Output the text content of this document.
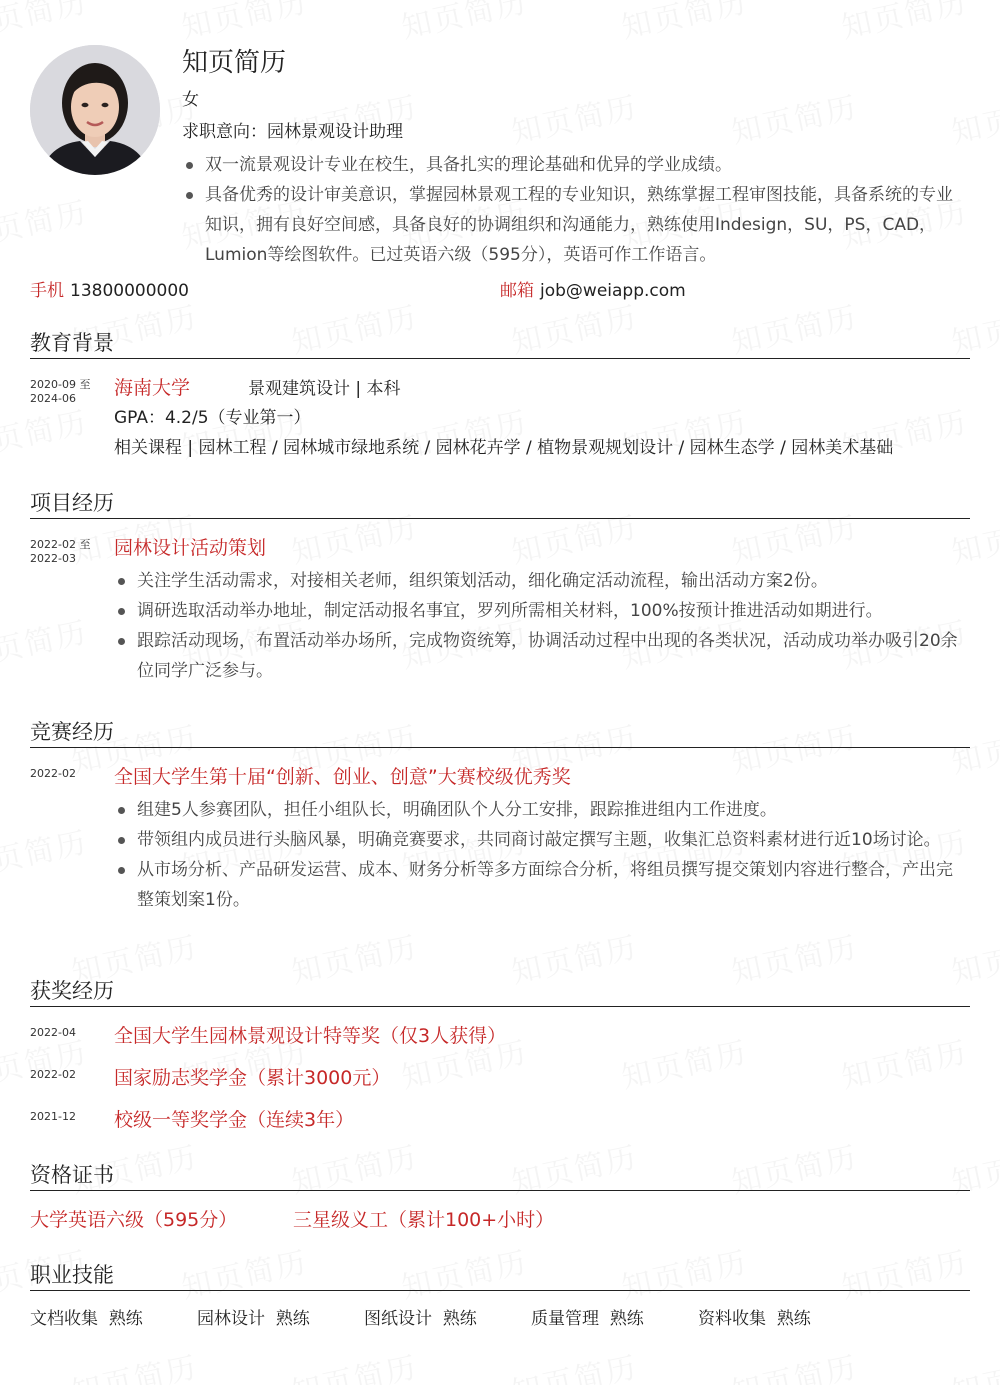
知页简历
女
求职意向：园林景观设计助理
双一流景观设计专业在校生，具备扎实的理论基础和优异的学业成绩。
具备优秀的设计审美意识，掌握园林景观工程的专业知识，熟练掌握工程审图技能，具备系统的专业知识，拥有良好空间感，具备良好的协调组织和沟通能力，熟练使用Indesign，SU，PS，CAD，Lumion等绘图软件。已过英语六级（595分），英语可作工作语言。
手机 13800000000	邮箱 job@weiapp.com
教育背景
2020-09 至
2024-06 海南大学	景观建筑设计 | 本科
GPA：4.2/5（专业第一）
相关课程 | 园林工程 / 园林城市绿地系统 / 园林花卉学 / 植物景观规划设计 / 园林生态学 / 园林美术基础
项目经历
2022-02 至
2022-03 园林设计活动策划
关注学生活动需求，对接相关老师，组织策划活动，细化确定活动流程，输出活动方案2份。
调研选取活动举办地址，制定活动报名事宜，罗列所需相关材料，100%按预计推进活动如期进行。
跟踪活动现场，布置活动举办场所，完成物资统筹，协调活动过程中出现的各类状况，活动成功举办吸引20余位同学广泛参与。
竞赛经历
2022-02 全国大学生第十届“创新、创业、创意”大赛校级优秀奖
组建5人参赛团队，担任小组队长，明确团队个人分工安排，跟踪推进组内工作进度。
带领组内成员进行头脑风暴，明确竞赛要求，共同商讨敲定撰写主题，收集汇总资料素材进行近10场讨论。
从市场分析、产品研发运营、成本、财务分析等多方面综合分析，将组员撰写提交策划内容进行整合，产出完整策划案1份。
获奖经历
2022-04 全国大学生园林景观设计特等奖（仅3人获得）
2022-02 国家励志奖学金（累计3000元）
2021-12 校级一等奖学金（连续3年）
资格证书
大学英语六级（595分）	三星级义工（累计100+小时）
职业技能
文档收集 熟练	园林设计 熟练	图纸设计 熟练	质量管理 熟练	资料收集 熟练
